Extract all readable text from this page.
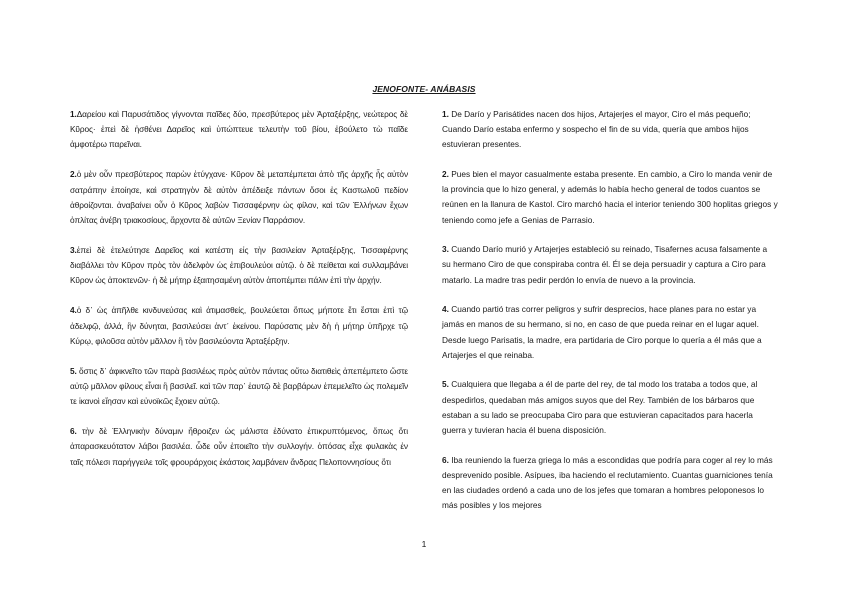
JENOFONTE- ANÁBASIS

1.Δαρείου καὶ Παρυσάτιδος γίγνονται παῖδες δύο, πρεσβύτερος μὲν Ἀρταξέρξης, νεώτερος δὲ Κῦρος· ἐπεὶ δὲ ἠσθένει Δαρεῖος καὶ ὑπώπτευε τελευτὴν τοῦ βίου, ἐβούλετο τὼ παῖδε ἀμφοτέρω παρεῖναι.

2.ὁ μὲν οὖν πρεσβύτερος παρὼν ἐτύγχανε· Κῦρον δὲ μεταπέμπεται ἀπὸ τῆς ἀρχῆς ἧς αὐτὸν σατράπην ἐποίησε, καὶ στρατηγὸν δὲ αὐτὸν ἀπέδειξε πάντων ὅσοι ἐς Καστωλοῦ πεδίον ἁθροίζονται. ἀναβαίνει οὖν ὁ Κῦρος λαβὼν Τισσαφέρνην ὡς φίλον, καὶ τῶν Ἑλλήνων ἔχων ὁπλίτας ἀνέβη τριακοσίους, ἄρχοντα δὲ αὐτῶν Ξενίαν Παρράσιον.

3.ἐπεὶ δὲ ἐτελεύτησε Δαρεῖος καὶ κατέστη εἰς τὴν βασιλείαν Ἀρταξέρξης, Τισσαφέρνης διαβάλλει τὸν Κῦρον πρὸς τὸν ἀδελφὸν ὡς ἐπιβουλεύοι αὐτῷ. ὁ δὲ πείθεται καὶ συλλαμβάνει Κῦρον ὡς ἀποκτενῶν· ἡ δὲ μήτηρ ἐξαιτησαμένη αὐτὸν ἀποπέμπει πάλιν ἐπὶ τὴν ἀρχήν.

4.ὁ δ᾽ ὡς ἀπῆλθε κινδυνεύσας καὶ ἀτιμασθείς, βουλεύεται ὅπως μήποτε ἔτι ἔσται ἐπὶ τῷ ἀδελφῷ, ἀλλά, ἢν δύνηται, βασιλεύσει ἀντ᾽ ἐκείνου. Παρύσατις μὲν δὴ ἡ μήτηρ ὑπῆρχε τῷ Κύρῳ, φιλοῦσα αὐτὸν μᾶλλον ἢ τὸν βασιλεύοντα Ἀρταξέρξην.

5. ὅστις δ᾽ ἀφικνεῖτο τῶν παρὰ βασιλέως πρὸς αὐτὸν πάντας οὕτω διατιθεὶς ἀπεπέμπετο ὥστε αὐτῷ μᾶλλον φίλους εἶναι ἢ βασιλεῖ. καὶ τῶν παρ᾽ ἑαυτῷ δὲ βαρβάρων ἐπεμελεῖτο ὡς πολεμεῖν τε ἱκανοὶ εἴησαν καὶ εὐνοϊκῶς ἔχοιεν αὐτῷ.

6. τὴν δὲ Ἑλληνικὴν δύναμιν ἤθροιζεν ὡς μάλιστα ἐδύνατο ἐπικρυπτόμενος, ὅπως ὅτι ἀπαρασκευότατον λάβοι βασιλέα. ὧδε οὖν ἐποιεῖτο τὴν συλλογήν. ὁπόσας εἶχε φυλακὰς ἐν ταῖς πόλεσι παρήγγειλε τοῖς φρουράρχοις ἑκάστοις λαμβάνειν ἄνδρας Πελοποννησίους ὅτι

1. De Darío y Parisátides nacen dos hijos, Artajerjes el mayor, Ciro el más pequeño; Cuando Darío estaba enfermo y sospecho el fin de su vida, quería que ambos hijos estuvieran presentes.

2. Pues bien el mayor casualmente estaba presente. En cambio, a Ciro lo manda venir de la provincia que lo hizo general, y además lo había hecho general de todos cuantos se reúnen en la llanura de Kastol. Ciro marchó hacia el interior teniendo 300 hoplitas griegos y teniendo como jefe a Genias de Parrasio.

3. Cuando Darío murió y Artajerjes estableció su reinado, Tisafernes acusa falsamente a su hermano Ciro de que conspiraba contra él. Él se deja persuadir y captura a Ciro para matarlo. La madre tras pedir perdón lo envía de nuevo a la provincia.

4. Cuando partió tras correr peligros y sufrir desprecios, hace planes para no estar ya jamás en manos de su hermano, si no, en caso de que pueda reinar en el lugar aquel. Desde luego Parisatis, la madre, era partidaria de Ciro porque lo quería a él más que a Artajerjes el que reinaba.

5. Cualquiera que llegaba a él de parte del rey, de tal modo los trataba a todos que, al despedirlos, quedaban más amigos suyos que del Rey. También de los bárbaros que estaban a su lado se preocupaba Ciro para que estuvieran capacitados para hacerla guerra y tuvieran hacia él buena disposición.

6. Iba reuniendo la fuerza griega lo más a escondidas que podría para coger al rey lo más desprevenido posible. Asípues, iba haciendo el reclutamiento. Cuantas guarniciones tenía en las ciudades ordenó a cada uno de los jefes que tomaran a hombres peloponesos lo más posibles y los mejores

1
